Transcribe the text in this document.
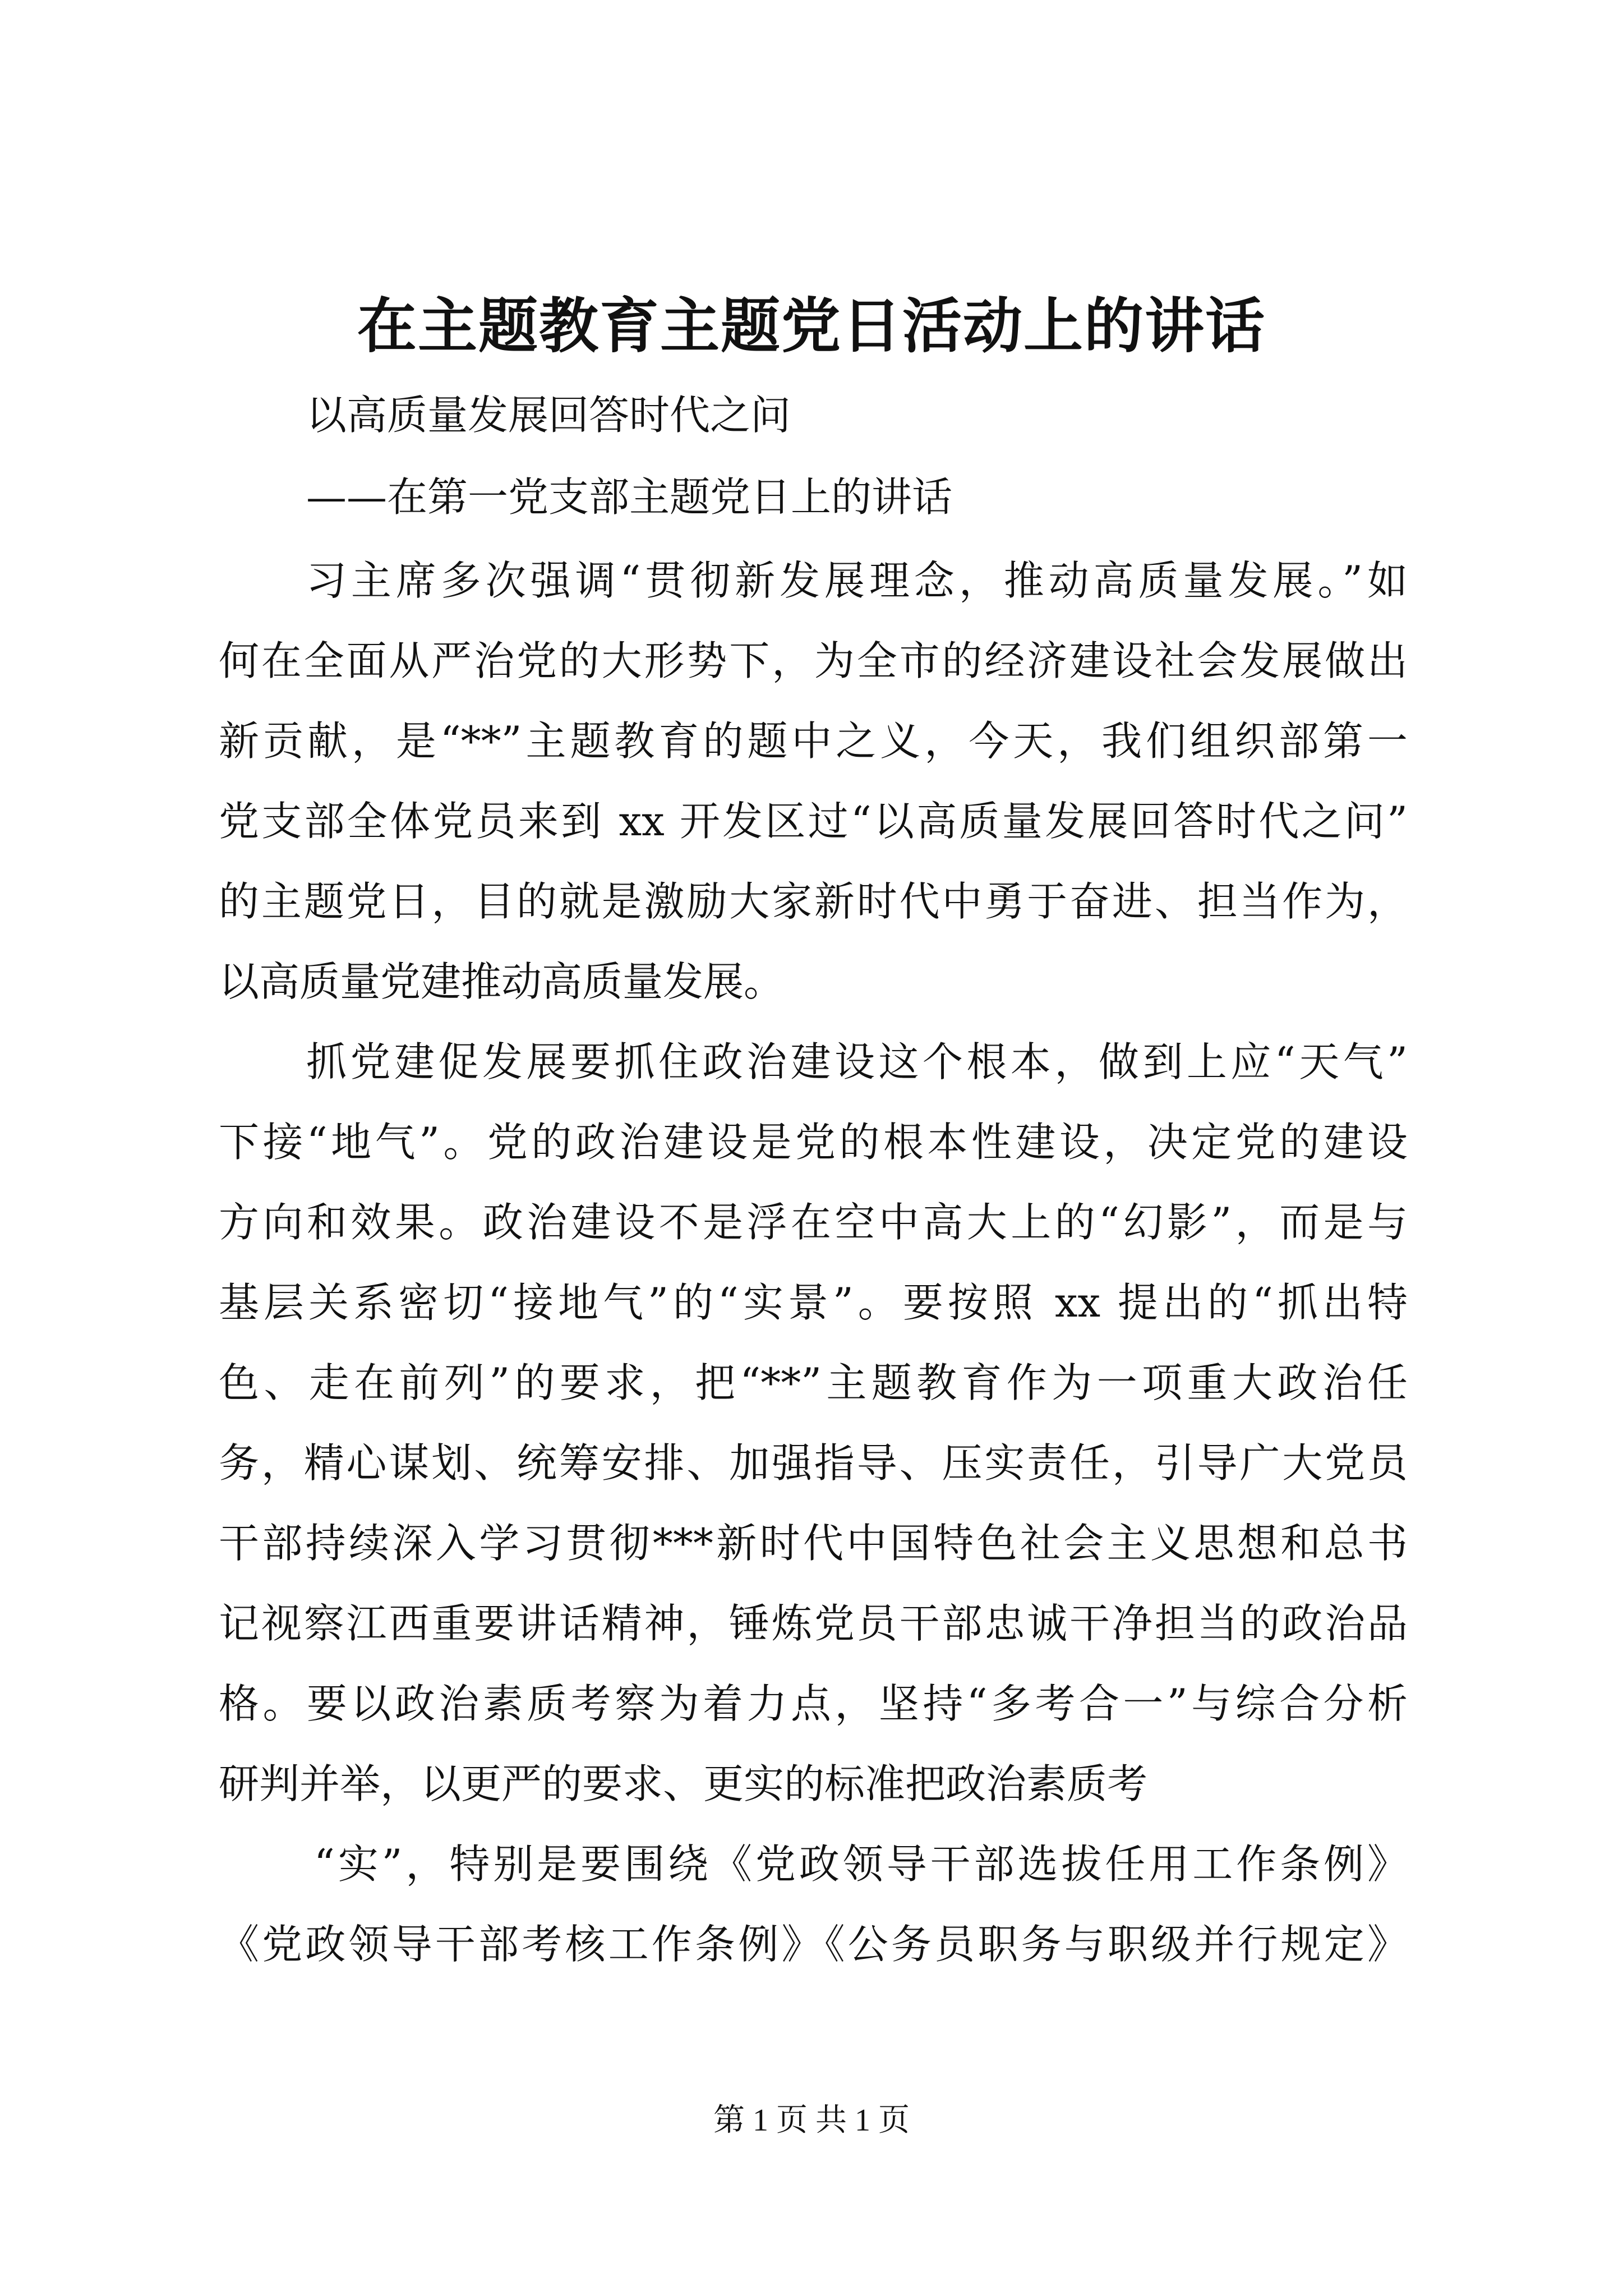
在主题教育主题党日活动上的讲话

以高质量发展回答时代之问

——在第一党支部主题党日上的讲话

习主席多次强调“贯彻新发展理念，推动高质量发展。”如

何在全面从严治党的大形势下，为全市的经济建设社会发展做出

新贡献，是“**”主题教育的题中之义，今天，我们组织部第一

党支部全体党员来到 xx 开发区过“以高质量发展回答时代之问”

的主题党日，目的就是激励大家新时代中勇于奋进、担当作为，

以高质量党建推动高质量发展。

抓党建促发展要抓住政治建设这个根本，做到上应“天气”

下接“地气”。党的政治建设是党的根本性建设，决定党的建设

方向和效果。政治建设不是浮在空中高大上的“幻影”，而是与

基层关系密切“接地气”的“实景”。要按照 xx 提出的“抓出特

色、走在前列”的要求，把“**”主题教育作为一项重大政治任

务，精心谋划、统筹安排、加强指导、压实责任，引导广大党员

干部持续深入学习贯彻***新时代中国特色社会主义思想和总书

记视察江西重要讲话精神，锤炼党员干部忠诚干净担当的政治品

格。要以政治素质考察为着力点，坚持“多考合一”与综合分析

研判并举，以更严的要求、更实的标准把政治素质考

“实”，特别是要围绕《党政领导干部选拔任用工作条例》

《党政领导干部考核工作条例》《公务员职务与职级并行规定》

第 1 页 共 1 页
